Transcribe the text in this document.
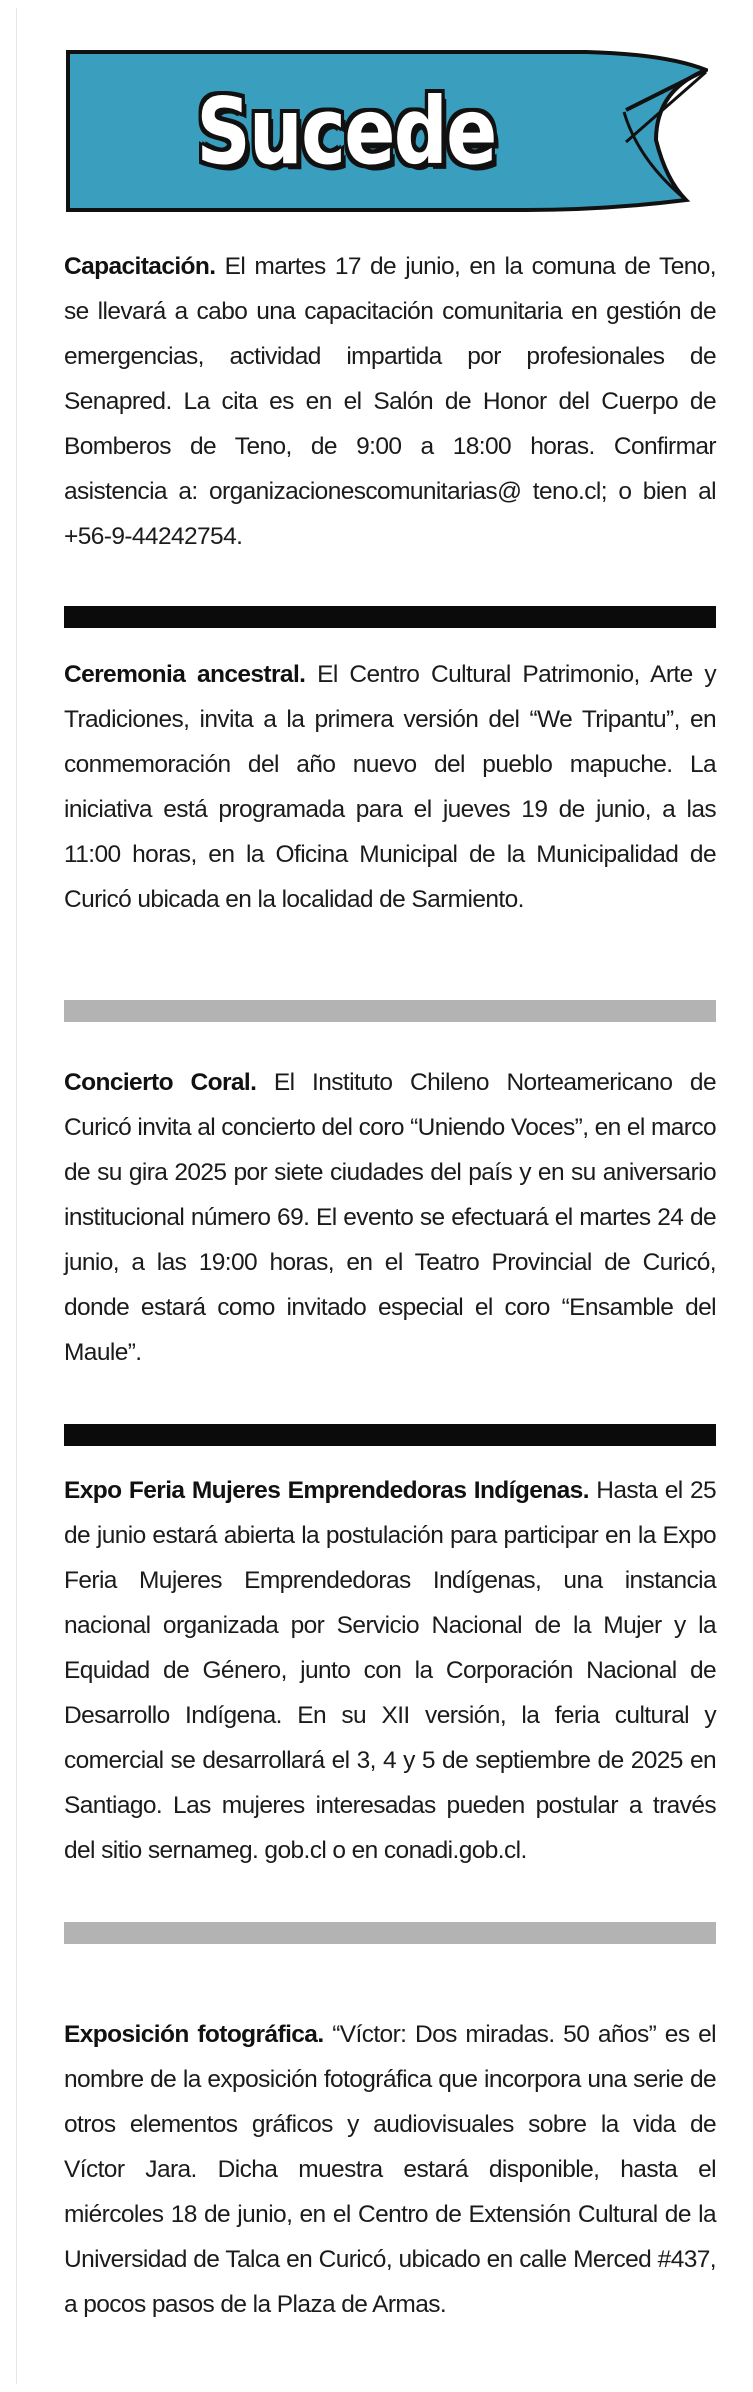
Sucede
Capacitación. El martes 17 de junio, en la comuna de Teno, se llevará a cabo una capacitación comunitaria en gestión de emergencias, actividad impartida por profesionales de Senapred. La cita es en el Salón de Honor del Cuerpo de Bomberos de Teno, de 9:00 a 18:00 horas. Confirmar asistencia a: organizacionescomunitarias@ teno.cl; o bien al +56-9-44242754.
Ceremonia ancestral. El Centro Cultural Patrimonio, Arte y Tradiciones, invita a la primera versión del “We Tripantu”, en conmemoración del año nuevo del pueblo mapuche. La iniciativa está programada para el jueves 19 de junio, a las 11:00 horas, en la Oficina Municipal de la Municipalidad de Curicó ubicada en la localidad de Sarmiento.
Concierto Coral. El Instituto Chileno Norteamericano de Curicó invita al concierto del coro “Uniendo Voces”, en el marco de su gira 2025 por siete ciudades del país y en su aniversario institucional número 69. El evento se efectuará el martes 24 de junio, a las 19:00 horas, en el Teatro Provincial de Curicó, donde estará como invitado especial el coro “Ensamble del Maule”.
Expo Feria Mujeres Emprendedoras Indígenas. Hasta el 25 de junio estará abierta la postulación para participar en la Expo Feria Mujeres Emprendedoras Indígenas, una instancia nacional organizada por Servicio Nacional de la Mujer y la Equidad de Género, junto con la Corporación Nacional de Desarrollo Indígena. En su XII versión, la feria cultural y comercial se desarrollará el 3, 4 y 5 de septiembre de 2025 en Santiago. Las mujeres interesadas pueden postular a través del sitio sernameg. gob.cl o en conadi.gob.cl.
Exposición fotográfica. “Víctor: Dos miradas. 50 años” es el nombre de la exposición fotográfica que incorpora una serie de otros elementos gráficos y audiovisuales sobre la vida de Víctor Jara. Dicha muestra estará disponible, hasta el miércoles 18 de junio, en el Centro de Extensión Cultural de la Universidad de Talca en Curicó, ubicado en calle Merced #437, a pocos pasos de la Plaza de Armas.
